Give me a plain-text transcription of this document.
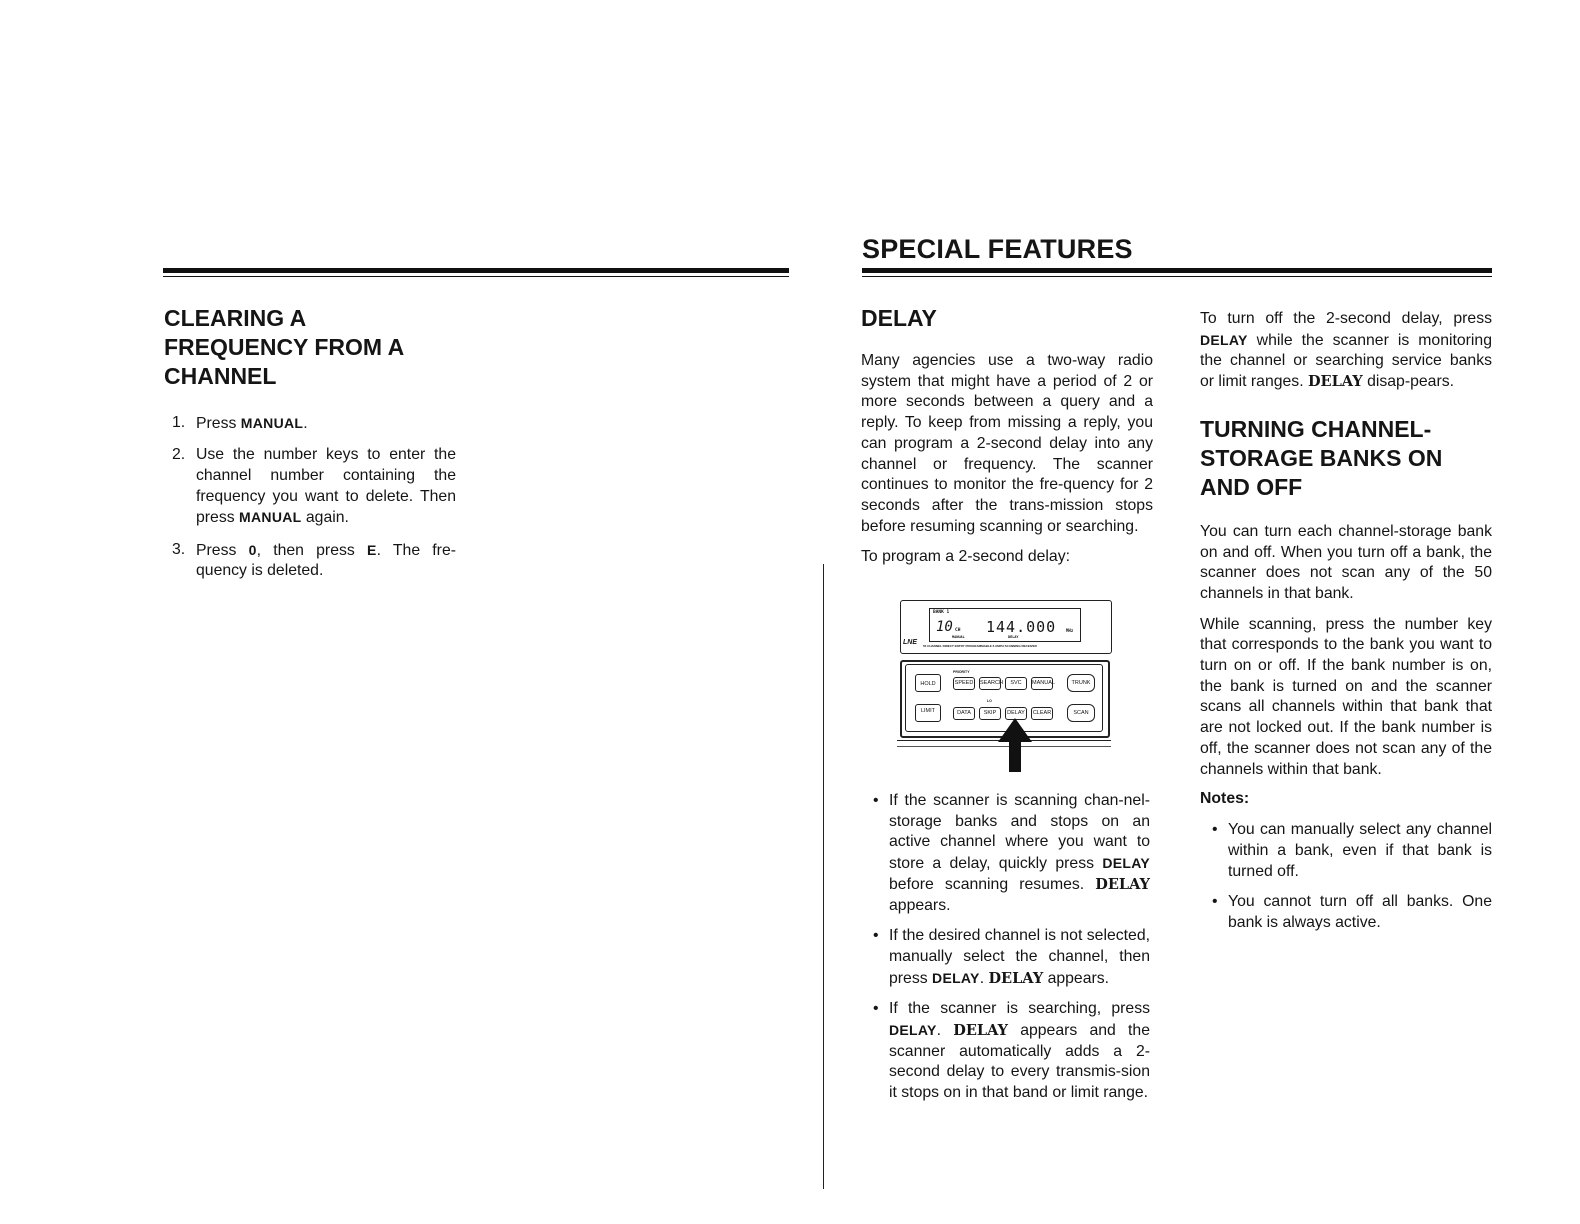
CLEARING A
FREQUENCY FROM A
CHANNEL
1. Press MANUAL.
2. Use the number keys to enter the channel number containing the frequency you want to delete. Then press MANUAL again.
3. Press 0, then press E. The fre-quency is deleted.
SPECIAL FEATURES
DELAY

Many agencies use a two-way radio system that might have a period of 2 or more seconds between a query and a reply. To keep from missing a reply, you can program a 2-second delay into any channel or frequency. The scanner continues to monitor the fre-quency for 2 seconds after the trans-mission stops before resuming scanning or searching.

To program a 2-second delay:

BANK 1
10 CH 144.000 MHz
MANUAL	DELAY
LNE 50 CHANNEL DIRECT ENTRY PROGRAMMABLE 6 AMPH SCANNING RECEIVER
PRIORITY
LO
HOLD	SPEED	SEARCH	SVC	MANUAL	TRUNK
LIMIT	DATA	SKIP	DELAY	CLEAR	SCAN
• If the scanner is scanning chan-nel-storage banks and stops on an active channel where you want to store a delay, quickly press DELAY before scanning resumes. DELAY appears.
• If the desired channel is not selected, manually select the channel, then press DELAY. DELAY appears.
• If the scanner is searching, press DELAY. DELAY appears and the scanner automatically adds a 2-second delay to every transmis-sion it stops on in that band or limit range.

To turn off the 2-second delay, press DELAY while the scanner is monitoring the channel or searching service banks or limit ranges. DELAY disap-pears.

TURNING CHANNEL-
STORAGE BANKS ON
AND OFF

You can turn each channel-storage bank on and off. When you turn off a bank, the scanner does not scan any of the 50 channels in that bank.

While scanning, press the number key that corresponds to the bank you want to turn on or off. If the bank number is on, the bank is turned on and the scanner scans all channels within that bank that are not locked out. If the bank number is off, the scanner does not scan any of the channels within that bank.

Notes:
• You can manually select any channel within a bank, even if that bank is turned off.
• You cannot turn off all banks. One bank is always active.
